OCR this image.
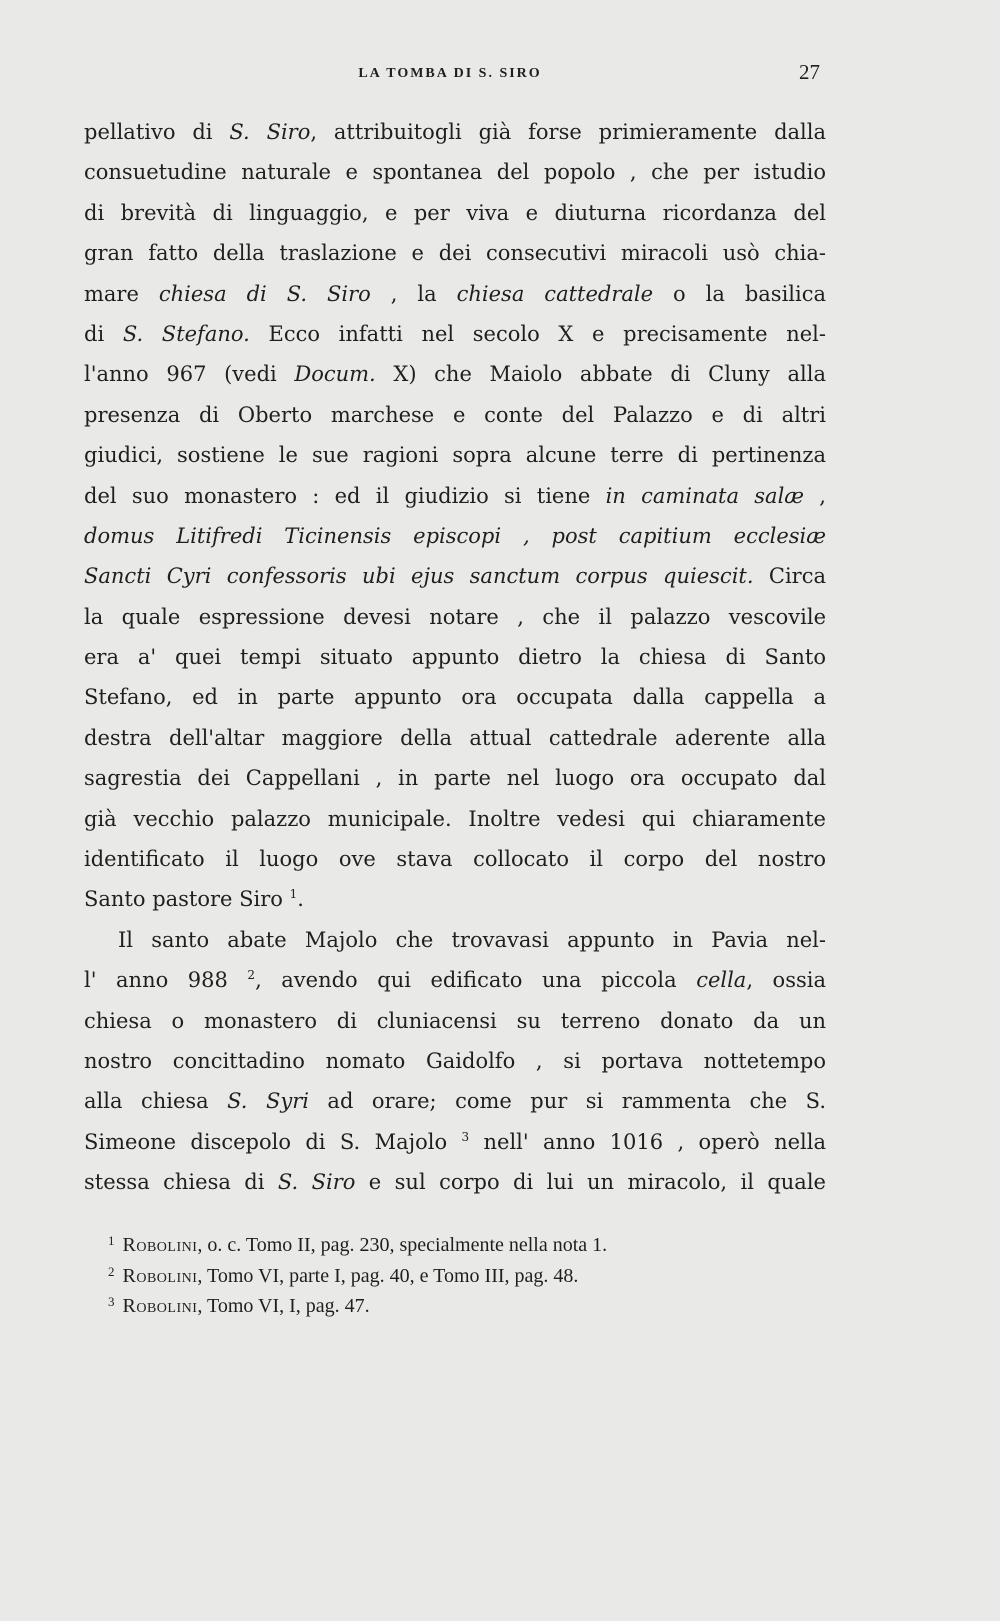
LA TOMBA DI S. SIRO	27
pellativo di S. Siro, attribuitogli già forse primieramente dalla
consuetudine naturale e spontanea del popolo , che per istudio
di brevità di linguaggio, e per viva e diuturna ricordanza del
gran fatto della traslazione e dei consecutivi miracoli usò chia-
mare chiesa di S. Siro , la chiesa cattedrale o la basilica
di S. Stefano. Ecco infatti nel secolo X e precisamente nel-
l'anno 967 (vedi Docum. X) che Maiolo abbate di Cluny alla
presenza di Oberto marchese e conte del Palazzo e di altri
giudici, sostiene le sue ragioni sopra alcune terre di pertinenza
del suo monastero : ed il giudizio si tiene in caminata salæ ,
domus Litifredi Ticinensis episcopi , post capitium ecclesiæ
Sancti Cyri confessoris ubi ejus sanctum corpus quiescit. Circa
la quale espressione devesi notare , che il palazzo vescovile
era a' quei tempi situato appunto dietro la chiesa di Santo
Stefano, ed in parte appunto ora occupata dalla cappella a
destra dell'altar maggiore della attual cattedrale aderente alla
sagrestia dei Cappellani , in parte nel luogo ora occupato dal
già vecchio palazzo municipale. Inoltre vedesi qui chiaramente
identificato il luogo ove stava collocato il corpo del nostro
Santo pastore Siro $^1$.
Il santo abate Majolo che trovavasi appunto in Pavia nel-
l' anno 988 $^2$, avendo qui edificato una piccola cella, ossia
chiesa o monastero di cluniacensi su terreno donato da un
nostro concittadino nomato Gaidolfo , si portava nottetempo
alla chiesa S. Syri ad orare; come pur si rammenta che S.
Simeone discepolo di S. Majolo $^3$ nell' anno 1016 , operò nella
stessa chiesa di S. Siro e sul corpo di lui un miracolo, il quale
$^1$ Robolini, o. c. Tomo II, pag. 230, specialmente nella nota 1.
$^2$ Robolini, Tomo VI, parte I, pag. 40, e Tomo III, pag. 48.
$^3$ Robolini, Tomo VI, I, pag. 47.
